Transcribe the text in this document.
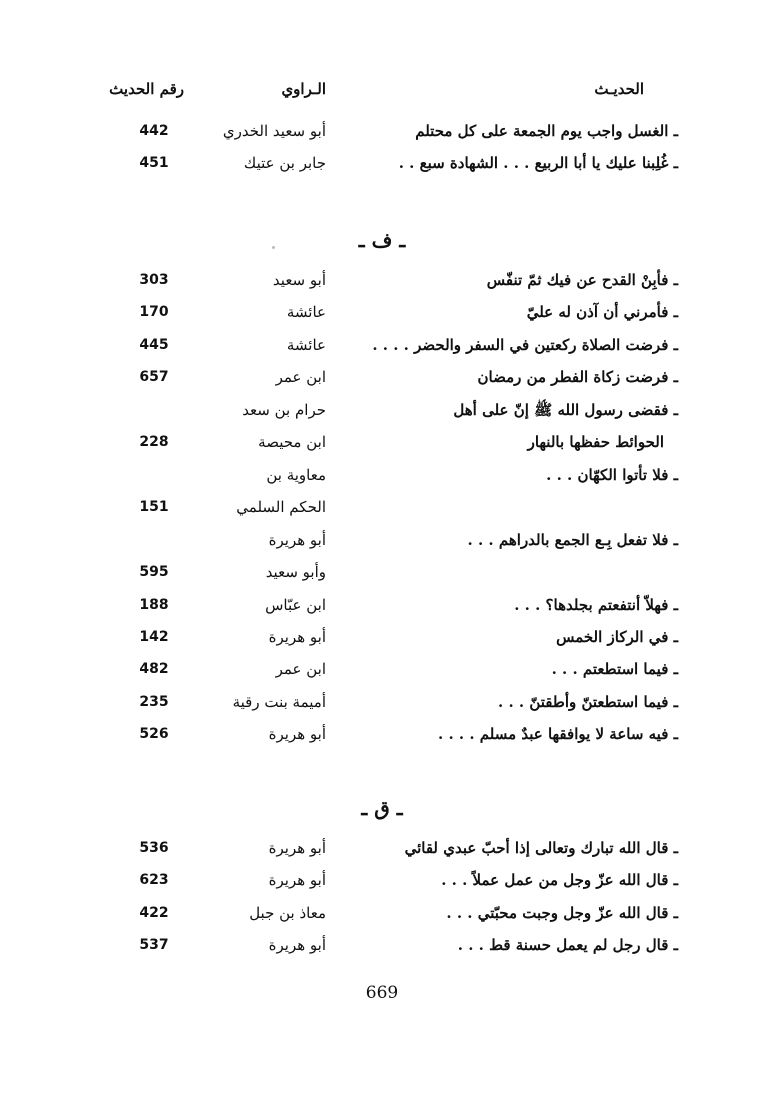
الحديـث
الـراوي
رقم الحديث
ـ الغسل واجب يوم الجمعة على كل محتلم
أبو سعيد الخدري
442
ـ غُلِبنا عليك يا أبا الربيع . . . الشهادة سبع . .
جابر بن عتيك
451
ـ ف ـ
ـ فأبِنْ القدح عن فيك ثمّ تنفّس
أبو سعيد
303
ـ فأمرني أن آذن له عليّ
عائشة
170
ـ فرضت الصلاة ركعتين في السفر والحضر . . . .
عائشة
445
ـ فرضت زكاة الفطر من رمضان
ابن عمر
657
ـ فقضى رسول الله ﷺ إنّ على أهل
حرام بن سعد
الحوائط حفظها بالنهار
ابن محيصة
228
ـ فلا تأتوا الكهّان . . .
معاوية بن
الحكم السلمي
151
ـ فلا تفعل بِـع الجمع بالدراهم . . .
أبو هريرة
وأبو سعيد
595
ـ فهلاّ أنتفعتم بجلدها؟ . . .
ابن عبّاس
188
ـ في الركاز الخمس
أبو هريرة
142
ـ فيما استطعتم . . .
ابن عمر
482
ـ فيما استطعتنّ وأطقتنّ . . .
أميمة بنت رقية
235
ـ فيه ساعة لا يوافقها عبدٌ مسلم . . . .
أبو هريرة
526
ـ ق ـ
ـ قال الله تبارك وتعالى إذا أحبّ عبدي لقائي
أبو هريرة
536
ـ قال الله عزّ وجل من عمل عملاً . . .
أبو هريرة
623
ـ قال الله عزّ وجل وجبت محبّتي . . .
معاذ بن جبل
422
ـ قال رجل لم يعمل حسنة قط . . .
أبو هريرة
537
669
